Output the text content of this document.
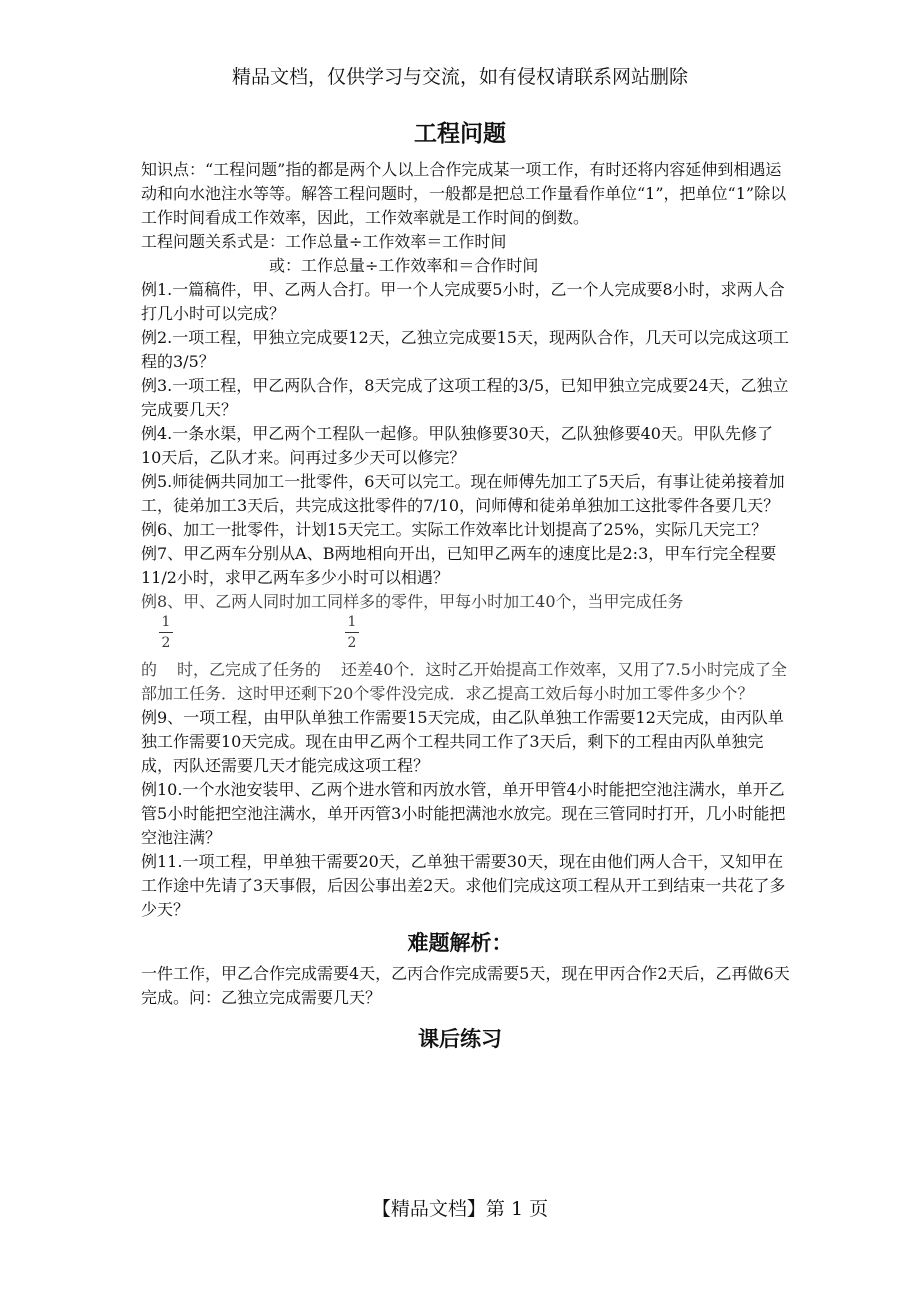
精品文档，仅供学习与交流，如有侵权请联系网站删除
工程问题

知识点：“工程问题”指的都是两个人以上合作完成某一项工作，有时还将内容延伸到相遇运动和向水池注水等等。解答工程问题时，一般都是把总工作量看作单位“1”，把单位“1”除以工作时间看成工作效率，因此，工作效率就是工作时间的倒数。

工程问题关系式是：工作总量÷工作效率＝工作时间

或：工作总量÷工作效率和＝合作时间

例1.一篇稿件，甲、乙两人合打。甲一个人完成要5小时，乙一个人完成要8小时，求两人合打几小时可以完成？

例2.一项工程，甲独立完成要12天，乙独立完成要15天，现两队合作，几天可以完成这项工程的3/5？

例3.一项工程，甲乙两队合作，8天完成了这项工程的3/5，已知甲独立完成要24天，乙独立完成要几天？

例4.一条水渠，甲乙两个工程队一起修。甲队独修要30天，乙队独修要40天。甲队先修了10天后，乙队才来。问再过多少天可以修完？

例5.师徒俩共同加工一批零件，6天可以完工。现在师傅先加工了5天后，有事让徒弟接着加工，徒弟加工3天后，共完成这批零件的7/10，问师傅和徒弟单独加工这批零件各要几天？

例6、加工一批零件，计划15天完工。实际工作效率比计划提高了25%，实际几天完工？

例7、甲乙两车分别从A、B两地相向开出，已知甲乙两车的速度比是2:3，甲车行完全程要11/2小时，求甲乙两车多少小时可以相遇？

例8、甲、乙两人同时加工同样多的零件，甲每小时加工40个，当甲完成任务

1
2
1
2

的 时，乙完成了任务的 还差40个．这时乙开始提高工作效率，又用了7.5小时完成了全部加工任务．这时甲还剩下20个零件没完成．求乙提高工效后每小时加工零件多少个？

例9、一项工程，由甲队单独工作需要15天完成，由乙队单独工作需要12天完成，由丙队单独工作需要10天完成。现在由甲乙两个工程共同工作了3天后，剩下的工程由丙队单独完成，丙队还需要几天才能完成这项工程？

例10.一个水池安装甲、乙两个进水管和丙放水管，单开甲管4小时能把空池注满水，单开乙管5小时能把空池注满水，单开丙管3小时能把满池水放完。现在三管同时打开，几小时能把空池注满？

例11.一项工程，甲单独干需要20天，乙单独干需要30天，现在由他们两人合干，又知甲在工作途中先请了3天事假，后因公事出差2天。求他们完成这项工程从开工到结束一共花了多少天？

难题解析：

一件工作，甲乙合作完成需要4天，乙丙合作完成需要5天，现在甲丙合作2天后，乙再做6天完成。问：乙独立完成需要几天？

课后练习
【精品文档】第 1 页
